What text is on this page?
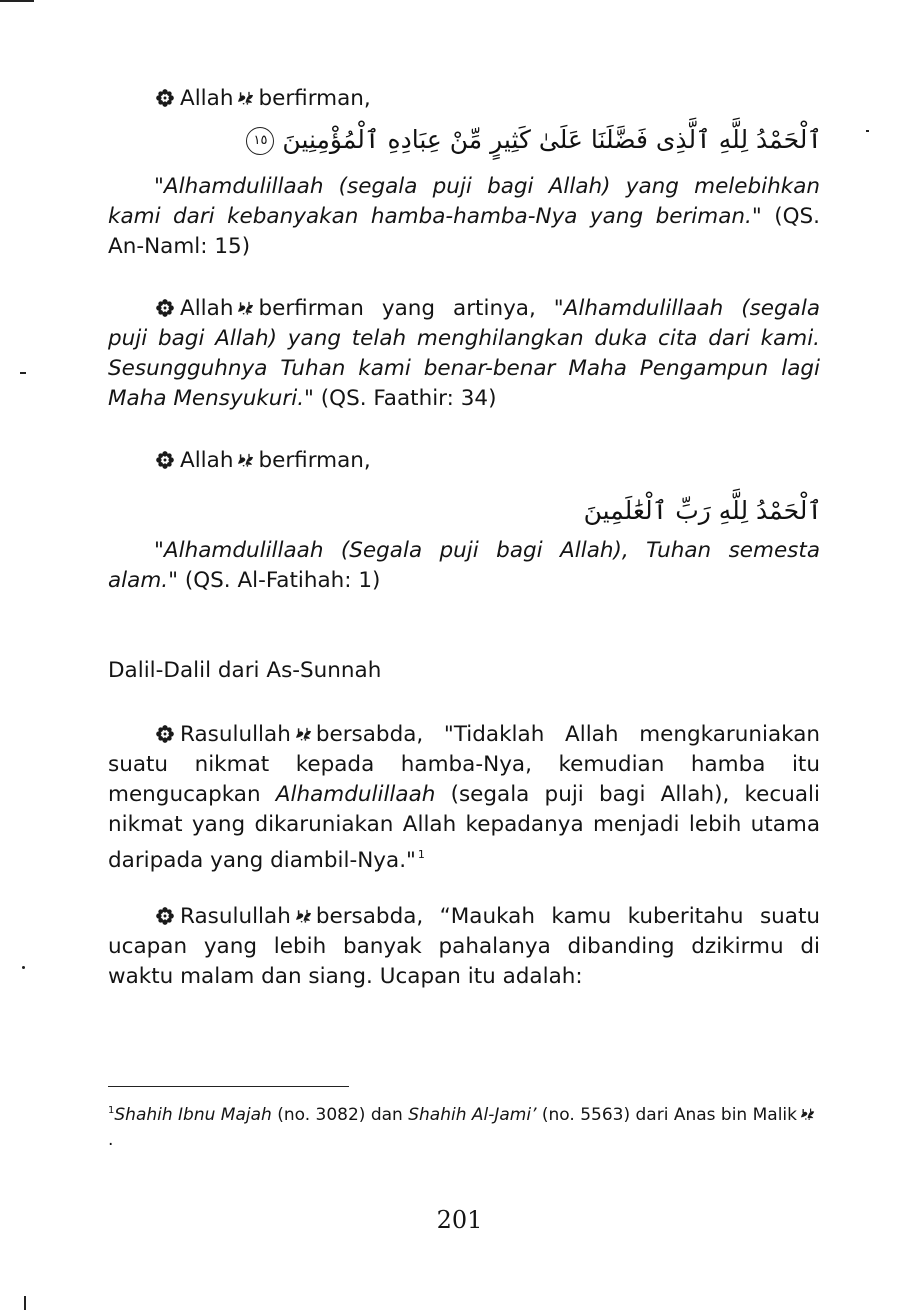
Allah berfirman,
ٱلْحَمْدُ لِلَّهِ ٱلَّذِى فَضَّلَنَا عَلَىٰ كَثِيرٍ مِّنْ عِبَادِهِ ٱلْمُؤْمِنِينَ ١٥
"Alhamdulillaah (segala puji bagi Allah) yang melebihkan kami dari kebanyakan hamba-hamba-Nya yang beriman." (QS. An-Naml: 15)
Allah berfirman yang artinya, "Alhamdulillaah (segala puji bagi Allah) yang telah menghilangkan duka cita dari kami. Sesungguhnya Tuhan kami benar-benar Maha Pengampun lagi Maha Mensyukuri." (QS. Faathir: 34)
Allah berfirman,
ٱلْحَمْدُ لِلَّهِ رَبِّ ٱلْعَٰلَمِينَ
"Alhamdulillaah (Segala puji bagi Allah), Tuhan semesta alam." (QS. Al-Fatihah: 1)
Dalil-Dalil dari As-Sunnah
Rasulullah bersabda, "Tidaklah Allah mengkaruniakan suatu nikmat kepada hamba-Nya, kemudian hamba itu mengucapkan Alhamdulillaah (segala puji bagi Allah), kecuali nikmat yang dikaruniakan Allah kepadanya menjadi lebih utama daripada yang diambil-Nya." $^1$
Rasulullah bersabda, “Maukah kamu kuberitahu suatu ucapan yang lebih banyak pahalanya dibanding dzikirmu di waktu malam dan siang. Ucapan itu adalah:
$^1$Shahih Ibnu Majah (no. 3082) dan Shahih Al-Jami’ (no. 5563) dari Anas bin Malik.
201
